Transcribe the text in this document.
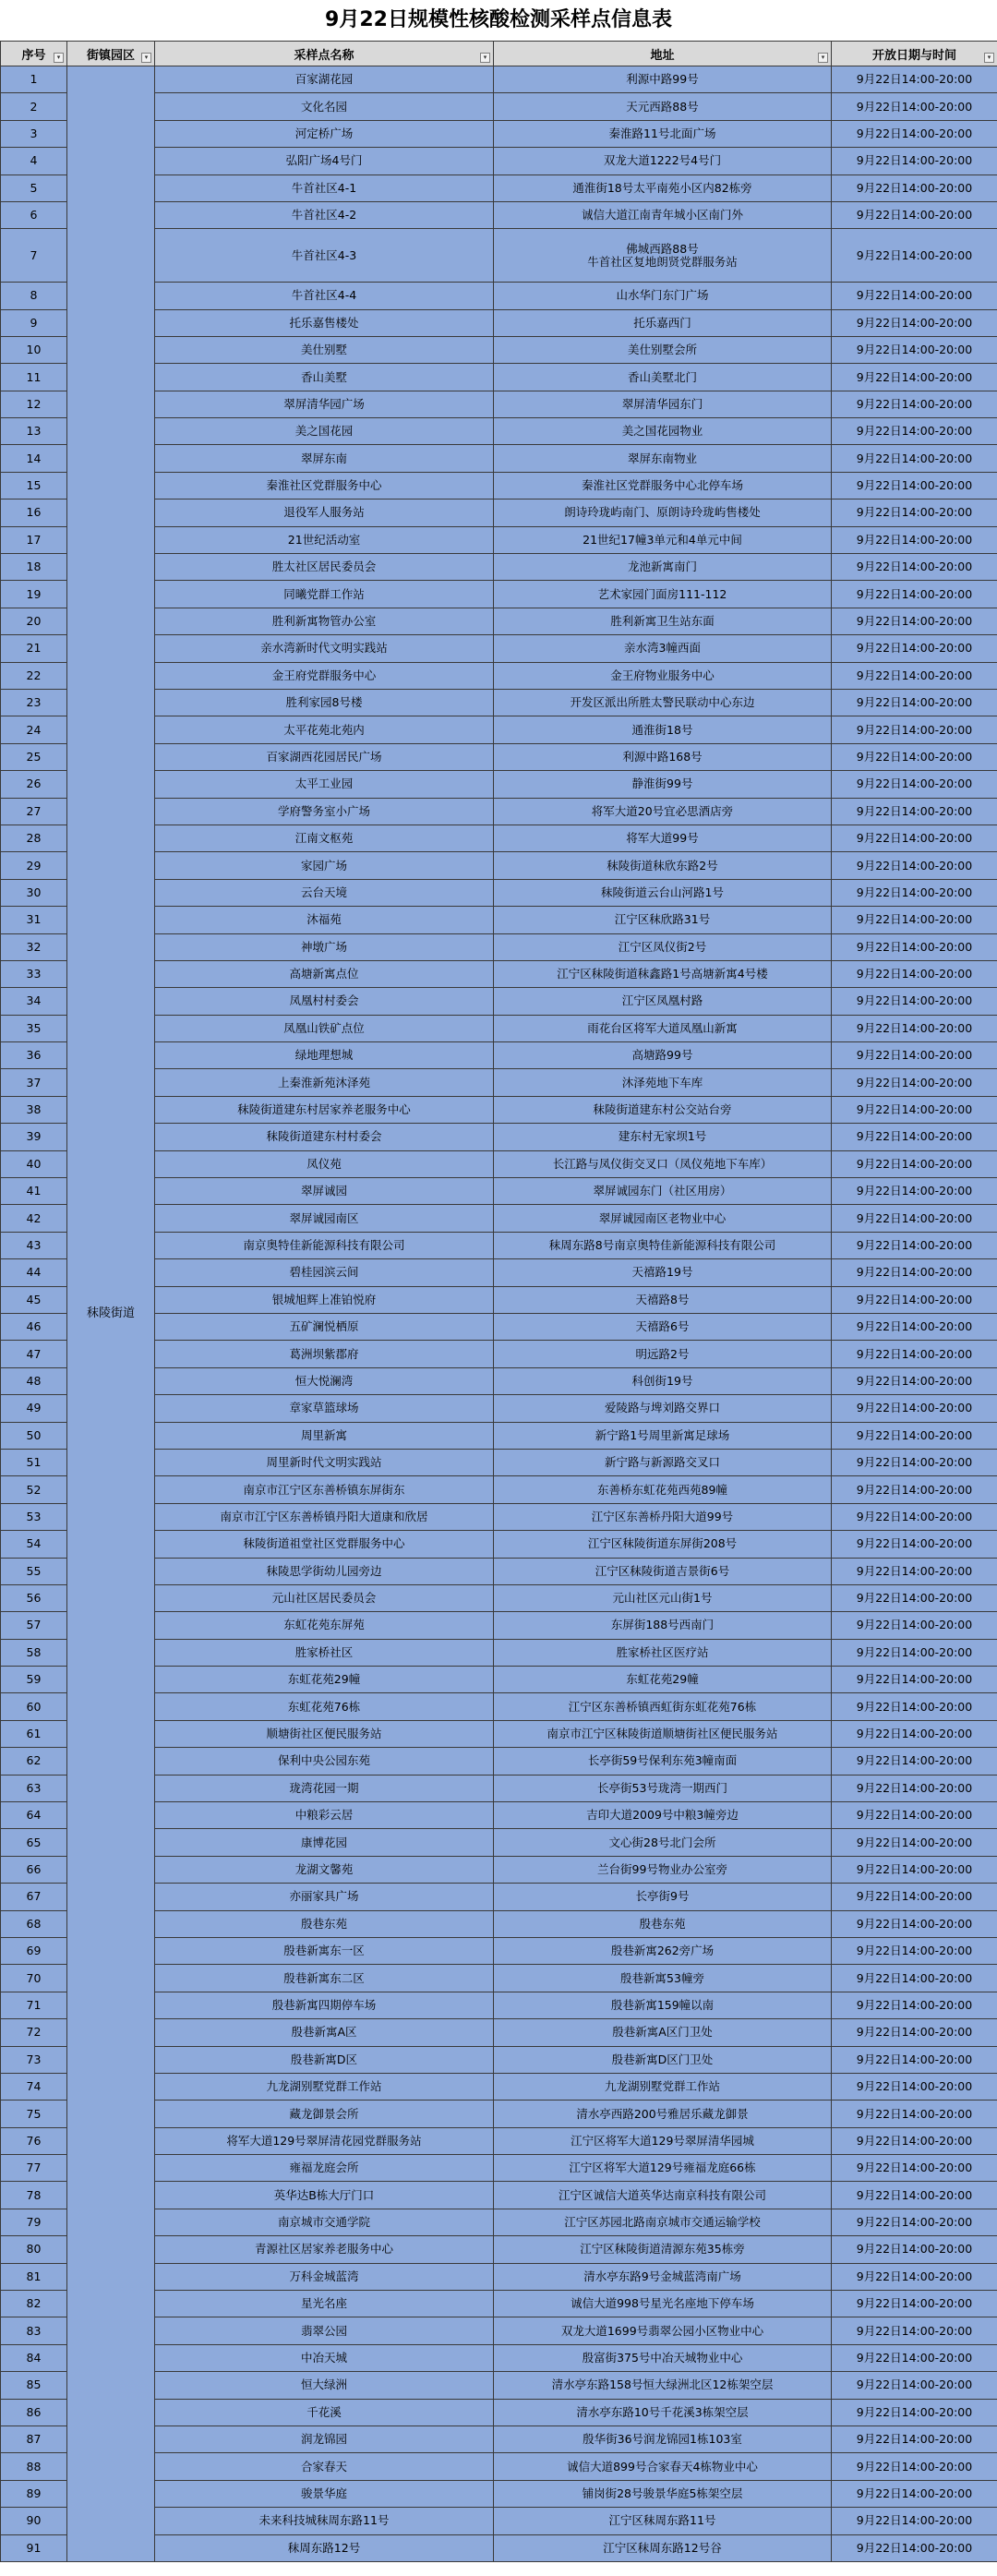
9月22日规模性核酸检测采样点信息表
序号 ▾	街镇园区 ▾	采样点名称 ▾	地址 ▾	开放日期与时间 ▾

1	秣陵街道	百家湖花园	利源中路99号	9月22日14:00-20:00
2		文化名园	天元西路88号	9月22日14:00-20:00
3		河定桥广场	秦淮路11号北面广场	9月22日14:00-20:00
4		弘阳广场4号门	双龙大道1222号4号门	9月22日14:00-20:00
5		牛首社区4-1	通淮街18号太平南苑小区内82栋旁	9月22日14:00-20:00
6		牛首社区4-2	诚信大道江南青年城小区南门外	9月22日14:00-20:00
7		牛首社区4-3	佛城西路88号
牛首社区复地朗贤党群服务站	9月22日14:00-20:00
8		牛首社区4-4	山水华门东门广场	9月22日14:00-20:00
9		托乐嘉售楼处	托乐嘉西门	9月22日14:00-20:00
10		美仕别墅	美仕别墅会所	9月22日14:00-20:00
11		香山美墅	香山美墅北门	9月22日14:00-20:00
12		翠屏清华园广场	翠屏清华园东门	9月22日14:00-20:00
13		美之国花园	美之国花园物业	9月22日14:00-20:00
14		翠屏东南	翠屏东南物业	9月22日14:00-20:00
15		秦淮社区党群服务中心	秦淮社区党群服务中心北停车场	9月22日14:00-20:00
16		退役军人服务站	朗诗玲珑屿南门、原朗诗玲珑屿售楼处	9月22日14:00-20:00
17		21世纪活动室	21世纪17幢3单元和4单元中间	9月22日14:00-20:00
18		胜太社区居民委员会	龙池新寓南门	9月22日14:00-20:00
19		同曦党群工作站	艺术家园门面房111-112	9月22日14:00-20:00
20		胜利新寓物管办公室	胜利新寓卫生站东面	9月22日14:00-20:00
21		亲水湾新时代文明实践站	亲水湾3幢西面	9月22日14:00-20:00
22		金王府党群服务中心	金王府物业服务中心	9月22日14:00-20:00
23		胜利家园8号楼	开发区派出所胜太警民联动中心东边	9月22日14:00-20:00
24		太平花苑北苑内	通淮街18号	9月22日14:00-20:00
25		百家湖西花园居民广场	利源中路168号	9月22日14:00-20:00
26		太平工业园	静淮街99号	9月22日14:00-20:00
27		学府警务室小广场	将军大道20号宜必思酒店旁	9月22日14:00-20:00
28		江南文枢苑	将军大道99号	9月22日14:00-20:00
29		家园广场	秣陵街道秣欣东路2号	9月22日14:00-20:00
30		云台天境	秣陵街道云台山河路1号	9月22日14:00-20:00
31		沐福苑	江宁区秣欣路31号	9月22日14:00-20:00
32		神墩广场	江宁区凤仪街2号	9月22日14:00-20:00
33		高塘新寓点位	江宁区秣陵街道秣鑫路1号高塘新寓4号楼	9月22日14:00-20:00
34		凤凰村村委会	江宁区凤凰村路	9月22日14:00-20:00
35		凤凰山铁矿点位	雨花台区将军大道凤凰山新寓	9月22日14:00-20:00
36		绿地理想城	高塘路99号	9月22日14:00-20:00
37		上秦淮新苑沐泽苑	沐泽苑地下车库	9月22日14:00-20:00
38		秣陵街道建东村居家养老服务中心	秣陵街道建东村公交站台旁	9月22日14:00-20:00
39		秣陵街道建东村村委会	建东村无家坝1号	9月22日14:00-20:00
40		凤仪苑	长江路与凤仪街交叉口（凤仪苑地下车库）	9月22日14:00-20:00
41		翠屏诚园	翠屏诚园东门（社区用房）	9月22日14:00-20:00
42		翠屏诚园南区	翠屏诚园南区老物业中心	9月22日14:00-20:00
43		南京奥特佳新能源科技有限公司	秣周东路8号南京奥特佳新能源科技有限公司	9月22日14:00-20:00
44		碧桂园滨云间	天禧路19号	9月22日14:00-20:00
45		银城旭辉上准铂悦府	天禧路8号	9月22日14:00-20:00
46		五矿澜悦栖原	天禧路6号	9月22日14:00-20:00
47		葛洲坝紫郡府	明远路2号	9月22日14:00-20:00
48		恒大悦澜湾	科创街19号	9月22日14:00-20:00
49		章家草篮球场	爱陵路与埤刘路交界口	9月22日14:00-20:00
50		周里新寓	新宁路1号周里新寓足球场	9月22日14:00-20:00
51		周里新时代文明实践站	新宁路与新源路交叉口	9月22日14:00-20:00
52		南京市江宁区东善桥镇东屏街东	东善桥东虹花苑西苑89幢	9月22日14:00-20:00
53		南京市江宁区东善桥镇丹阳大道康和欣居	江宁区东善桥丹阳大道99号	9月22日14:00-20:00
54		秣陵街道祖堂社区党群服务中心	江宁区秣陵街道东屏街208号	9月22日14:00-20:00
55		秣陵思学街幼儿园旁边	江宁区秣陵街道吉景街6号	9月22日14:00-20:00
56		元山社区居民委员会	元山社区元山街1号	9月22日14:00-20:00
57		东虹花苑东屏苑	东屏街188号西南门	9月22日14:00-20:00
58		胜家桥社区	胜家桥社区医疗站	9月22日14:00-20:00
59		东虹花苑29幢	东虹花苑29幢	9月22日14:00-20:00
60		东虹花苑76栋	江宁区东善桥镇西虹街东虹花苑76栋	9月22日14:00-20:00
61		顺塘街社区便民服务站	南京市江宁区秣陵街道顺塘街社区便民服务站	9月22日14:00-20:00
62		保利中央公园东苑	长亭街59号保利东苑3幢南面	9月22日14:00-20:00
63		珑湾花园一期	长亭街53号珑湾一期西门	9月22日14:00-20:00
64		中粮彩云居	吉印大道2009号中粮3幢旁边	9月22日14:00-20:00
65		康博花园	文心街28号北门会所	9月22日14:00-20:00
66		龙湖文馨苑	兰台街99号物业办公室旁	9月22日14:00-20:00
67		亦丽家具广场	长亭街9号	9月22日14:00-20:00
68		殷巷东苑	殷巷东苑	9月22日14:00-20:00
69		殷巷新寓东一区	殷巷新寓262旁广场	9月22日14:00-20:00
70		殷巷新寓东二区	殷巷新寓53幢旁	9月22日14:00-20:00
71		殷巷新寓四期停车场	殷巷新寓159幢以南	9月22日14:00-20:00
72		殷巷新寓A区	殷巷新寓A区门卫处	9月22日14:00-20:00
73		殷巷新寓D区	殷巷新寓D区门卫处	9月22日14:00-20:00
74		九龙湖别墅党群工作站	九龙湖别墅党群工作站	9月22日14:00-20:00
75		藏龙御景会所	清水亭西路200号雅居乐藏龙御景	9月22日14:00-20:00
76		将军大道129号翠屏清花园党群服务站	江宁区将军大道129号翠屏清华园城	9月22日14:00-20:00
77		雍福龙庭会所	江宁区将军大道129号雍福龙庭66栋	9月22日14:00-20:00
78		英华达B栋大厅门口	江宁区诚信大道英华达南京科技有限公司	9月22日14:00-20:00
79		南京城市交通学院	江宁区苏园北路南京城市交通运输学校	9月22日14:00-20:00
80		青源社区居家养老服务中心	江宁区秣陵街道清源东苑35栋旁	9月22日14:00-20:00
81		万科金城蓝湾	清水亭东路9号金城蓝湾南广场	9月22日14:00-20:00
82		星光名座	诚信大道998号星光名座地下停车场	9月22日14:00-20:00
83		翡翠公园	双龙大道1699号翡翠公园小区物业中心	9月22日14:00-20:00
84		中冶天城	殷富街375号中冶天城物业中心	9月22日14:00-20:00
85		恒大绿洲	清水亭东路158号恒大绿洲北区12栋架空层	9月22日14:00-20:00
86		千花溪	清水亭东路10号千花溪3栋架空层	9月22日14:00-20:00
87		润龙锦园	殷华街36号润龙锦园1栋103室	9月22日14:00-20:00
88		合家春天	诚信大道899号合家春天4栋物业中心	9月22日14:00-20:00
89		骏景华庭	铺岗街28号骏景华庭5栋架空层	9月22日14:00-20:00
90		未来科技城秣周东路11号	江宁区秣周东路11号	9月22日14:00-20:00
91		秣周东路12号	江宁区秣周东路12号谷	9月22日14:00-20:00
